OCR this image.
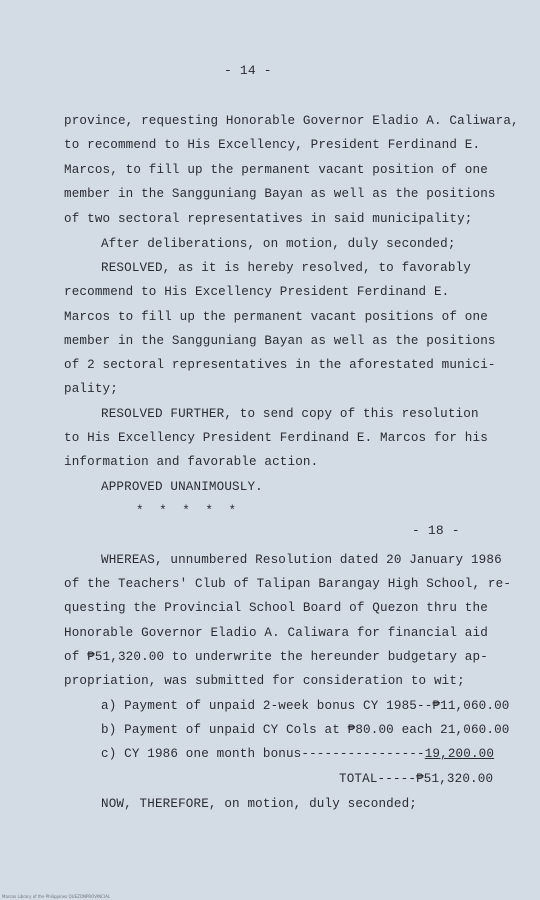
- 14 -
province, requesting Honorable Governor Eladio A. Caliwara,
to recommend to His Excellency, President Ferdinand E.
Marcos, to fill up the permanent vacant position of one
member in the Sangguniang Bayan as well as the positions
of two sectoral representatives in said municipality;
After deliberations, on motion, duly seconded;
RESOLVED, as it is hereby resolved, to favorably
recommend to His Excellency President Ferdinand E.
Marcos to fill up the permanent vacant positions of one
member in the Sangguniang Bayan as well as the positions
of 2 sectoral representatives in the aforestated munici-
pality;
RESOLVED FURTHER, to send copy of this resolution
to His Excellency President Ferdinand E. Marcos for his
information and favorable action.
APPROVED UNANIMOUSLY.
* * * * *
- 18 -
WHEREAS, unnumbered Resolution dated 20 January 1986
of the Teachers' Club of Talipan Barangay High School, re-
questing the Provincial School Board of Quezon thru the
Honorable Governor Eladio A. Caliwara for financial aid
of ₱51,320.00 to underwrite the hereunder budgetary ap-
propriation, was submitted for consideration to wit;
a) Payment of unpaid 2-week bonus CY 1985--₱11,060.00
b) Payment of unpaid CY Cols at ₱80.00 each 21,060.00
c) CY 1986 one month bonus----------------19,200.00
TOTAL-----₱51,320.00
NOW, THEREFORE, on motion, duly seconded;
Marcos Library of the Philippines QUEZONPROVINCIAL
